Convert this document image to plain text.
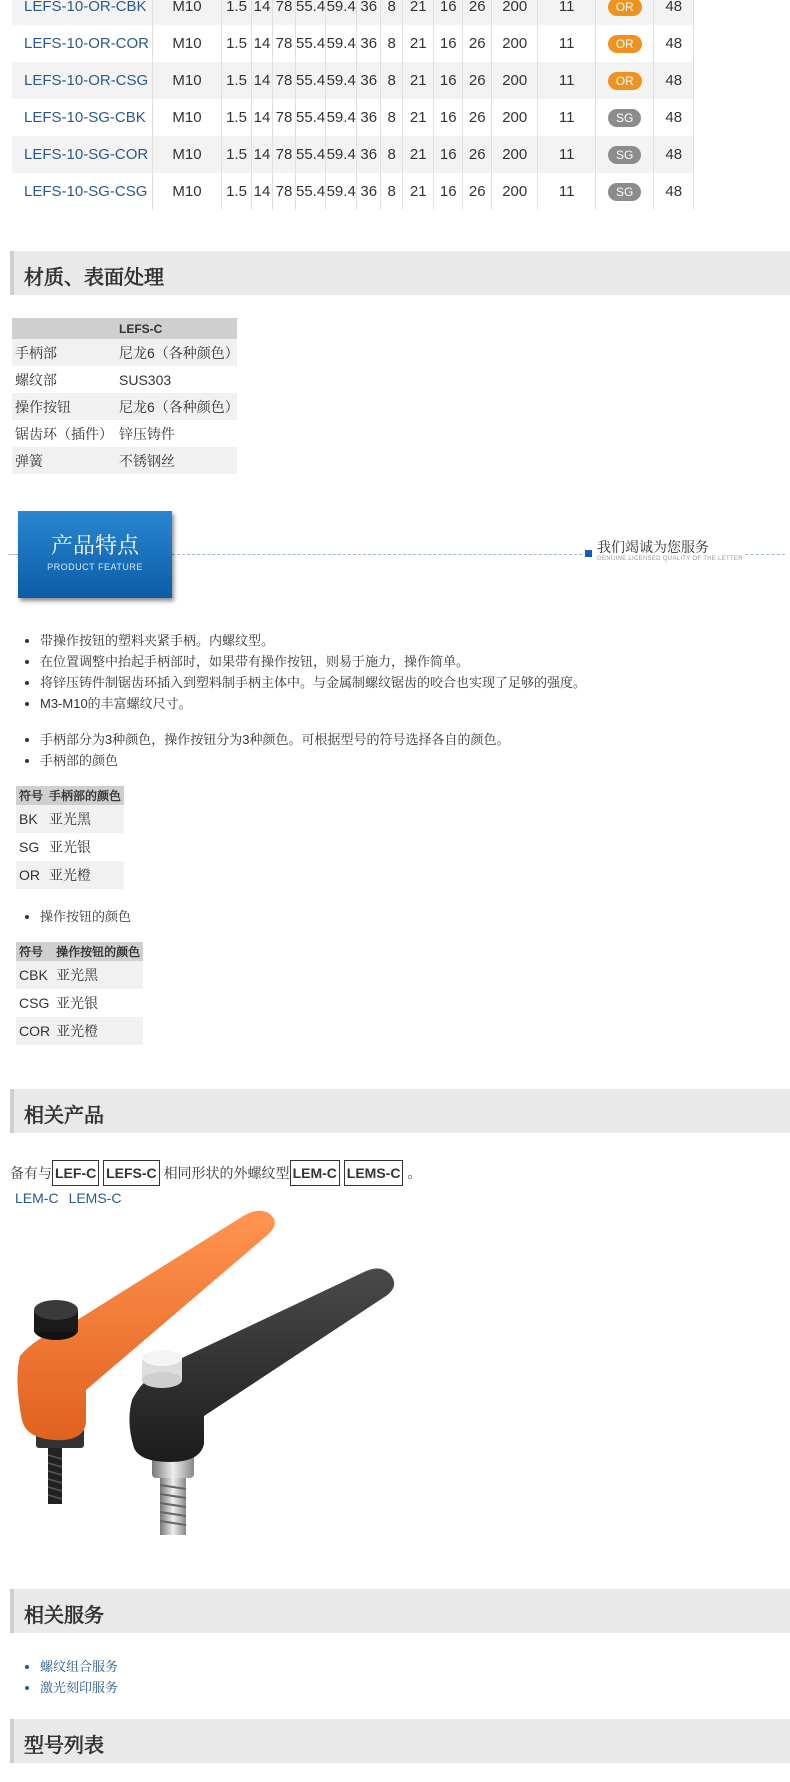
LEFS-10-OR-CBK	M10	1.5	14	78	55.4	59.4	36	8	21	16	26	200	11	OR	48
LEFS-10-OR-COR	M10	1.5	14	78	55.4	59.4	36	8	21	16	26	200	11	OR	48
LEFS-10-OR-CSG	M10	1.5	14	78	55.4	59.4	36	8	21	16	26	200	11	OR	48
LEFS-10-SG-CBK	M10	1.5	14	78	55.4	59.4	36	8	21	16	26	200	11	SG	48
LEFS-10-SG-COR	M10	1.5	14	78	55.4	59.4	36	8	21	16	26	200	11	SG	48
LEFS-10-SG-CSG	M10	1.5	14	78	55.4	59.4	36	8	21	16	26	200	11	SG	48
材质、表面处理
	LEFS-C
手柄部	尼龙6（各种颜色）
螺纹部	SUS303
操作按钮	尼龙6（各种颜色）
锯齿环（插件）	锌压铸件
弹簧	不锈钢丝
产品特点
PRODUCT FEATURE
我们竭诚为您服务
GENUINE LICENSED QUALITY OF THE LETTER
• 带操作按钮的塑料夹紧手柄。内螺纹型。
• 在位置调整中抬起手柄部时，如果带有操作按钮，则易于施力，操作简单。
• 将锌压铸件制锯齿环插入到塑料制手柄主体中。与金属制螺纹锯齿的咬合也实现了足够的强度。
• M3-M10的丰富螺纹尺寸。
• 手柄部分为3种颜色，操作按钮分为3种颜色。可根据型号的符号选择各自的颜色。
• 手柄部的颜色
符号	手柄部的颜色
BK	亚光黑
SG	亚光银
OR	亚光橙
• 操作按钮的颜色
符号	操作按钮的颜色
CBK	亚光黑
CSG	亚光银
COR	亚光橙
相关产品
备有与 LEF-C LEFS-C 相同形状的外螺纹型 LEM-C LEMS-C 。
LEM-C LEMS-C
相关服务
• 螺纹组合服务
• 激光刻印服务
型号列表
